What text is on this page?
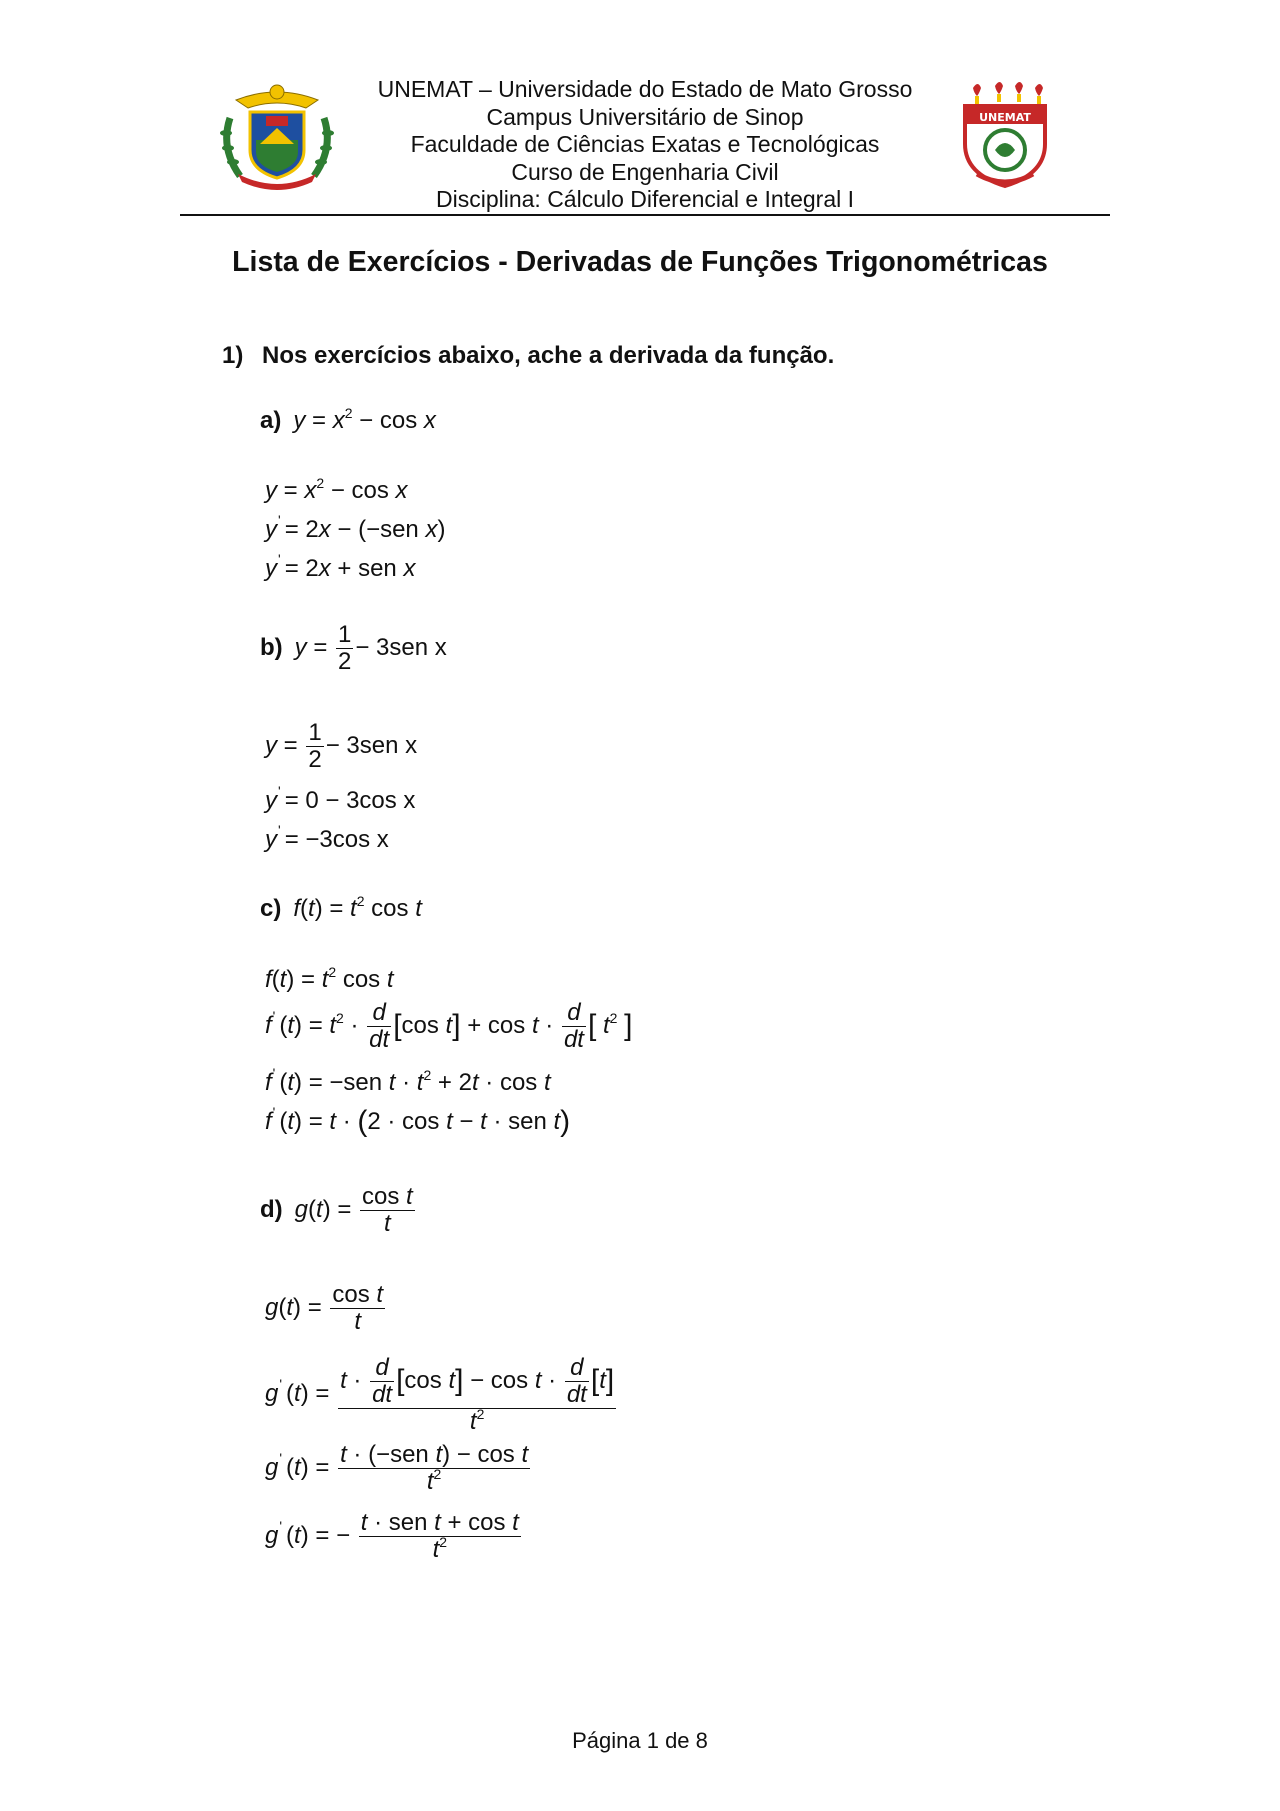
UNEMAT – Universidade do Estado de Mato Grosso
Campus Universitário de Sinop
Faculdade de Ciências Exatas e Tecnológicas
Curso de Engenharia Civil
Disciplina: Cálculo Diferencial e Integral I
UNEMAT
Lista de Exercícios - Derivadas de Funções Trigonométricas
1) Nos exercícios abaixo, ache a derivada da função.
a) $y = x^2 - \cos x$
$y = x^2 - \cos x$
y' = 2x − (−sen x)
y' = 2x + sen x
b) $y = \frac{1}{2} - 3sen$ x
$y = \frac{1}{2} - 3sen$ x
y' = 0 − 3cos x
y' = −3cos x
c) $f(t) = t^2$ cos t
$f(t) = t^2$ cos t
f' $(t) = t^2 \cdot \frac{d}{dt} [\cos$ $t] + \cos t \cdot \frac{d}{dt}$ [ $t^2$ ]
f' (t) = −sen $t \cdot t^2 + 2t \cdot \cos t$
f' (t) = t · (2 · cos t − t · sen t)
d) $g(t) = \frac{\text{cos t}}{t}$
$g(t) = \frac{\text{cos t}}{t}$
g' $(t) = \frac{t \cdot \frac{d}{dt} [\cos t] - \cos t \cdot \frac{d}{dt} [t]}{t^2}$
g' $(t) = \frac{\text{t · (−sen t) − cos t}}{t^2}$
g' (t) = − $\frac{\text{t · sen t + cos t}}{t^2}$
Página 1 de 8
